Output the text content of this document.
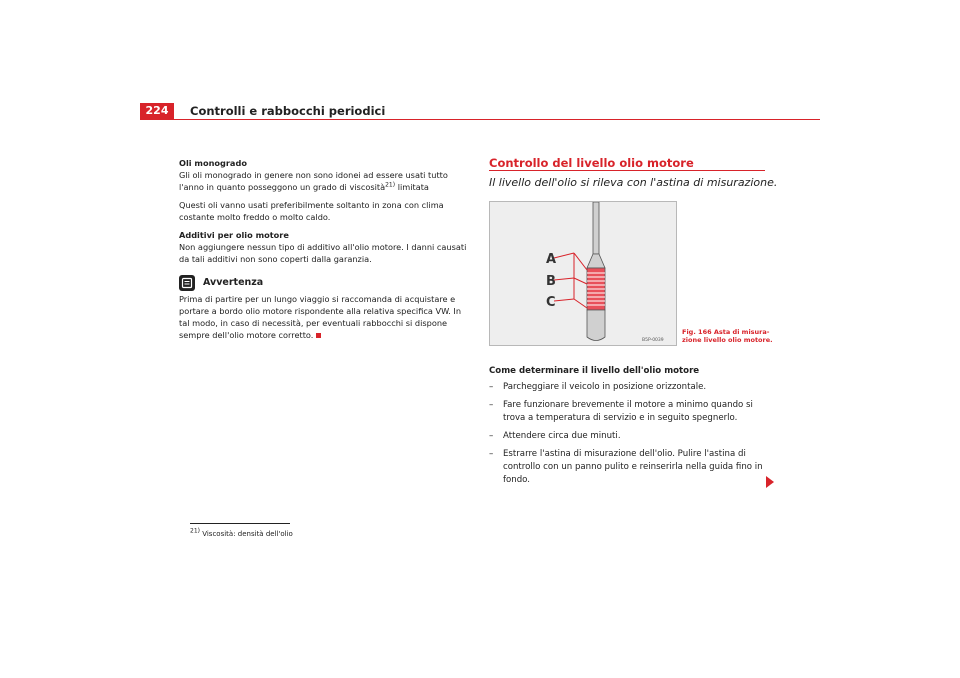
224	Controlli e rabbocchi periodici

Oli monogrado

Gli oli monogrado in genere non sono idonei ad essere usati tutto l'anno in quanto posseggono un grado di viscosità$^{21)}$ limitata

Questi oli vanno usati preferibilmente soltanto in zona con clima costante molto freddo o molto caldo.

Additivi per olio motore

Non aggiungere nessun tipo di additivo all'olio motore. I danni causati da tali additivi non sono coperti dalla garanzia.

Avvertenza

Prima di partire per un lungo viaggio si raccomanda di acquistare e portare a bordo olio motore rispondente alla relativa specifica VW. In tal modo, in caso di necessità, per eventuali rabbocchi si dispone sempre dell'olio motore corretto.

$^{21)}$ Viscosità: densità dell'olio
Controllo del livello olio motore
Il livello dell'olio si rileva con l'astina di misurazione.
A
B
C
B5P-0039
Fig. 166 Asta di misura-
zione livello olio motore.

Come determinare il livello dell'olio motore

– Parcheggiare il veicolo in posizione orizzontale.
– Fare funzionare brevemente il motore a minimo quando si trova a temperatura di servizio e in seguito spegnerlo.
– Attendere circa due minuti.
– Estrarre l'astina di misurazione dell'olio. Pulire l'astina di controllo con un panno pulito e reinserirla nella guida fino in fondo.
